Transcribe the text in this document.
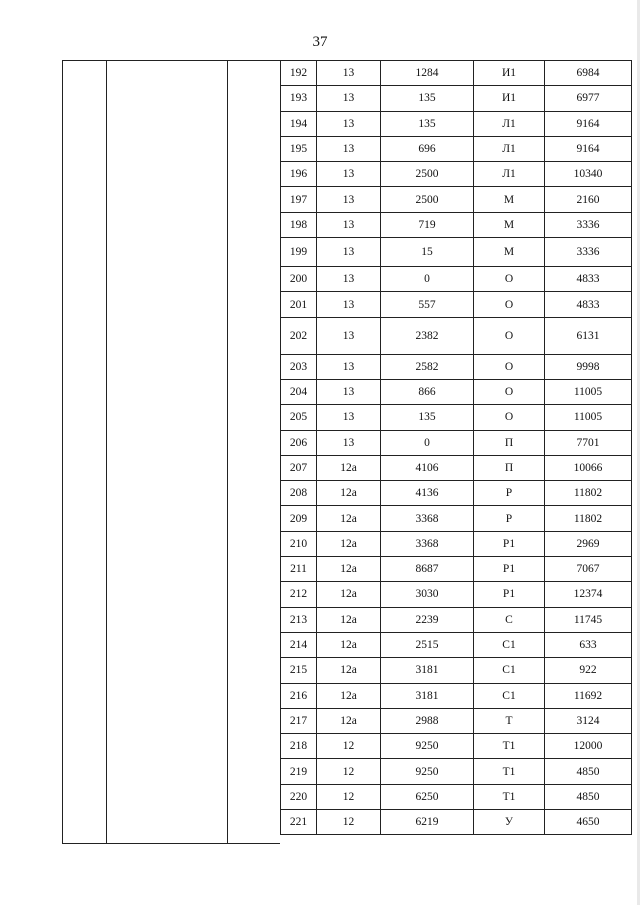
37
192	13	1284	И1	6984
193	13	135	И1	6977
194	13	135	Л1	9164
195	13	696	Л1	9164
196	13	2500	Л1	10340
197	13	2500	М	2160
198	13	719	М	3336
199	13	15	М	3336
200	13	0	О	4833
201	13	557	О	4833
202	13	2382	О	6131
203	13	2582	О	9998
204	13	866	О	11005
205	13	135	О	11005
206	13	0	П	7701
207	12а	4106	П	10066
208	12а	4136	Р	11802
209	12а	3368	Р	11802
210	12а	3368	Р1	2969
211	12а	8687	Р1	7067
212	12а	3030	Р1	12374
213	12а	2239	С	11745
214	12а	2515	С1	633
215	12а	3181	С1	922
216	12а	3181	С1	11692
217	12а	2988	Т	3124
218	12	9250	Т1	12000
219	12	9250	Т1	4850
220	12	6250	Т1	4850
221	12	6219	У	4650
